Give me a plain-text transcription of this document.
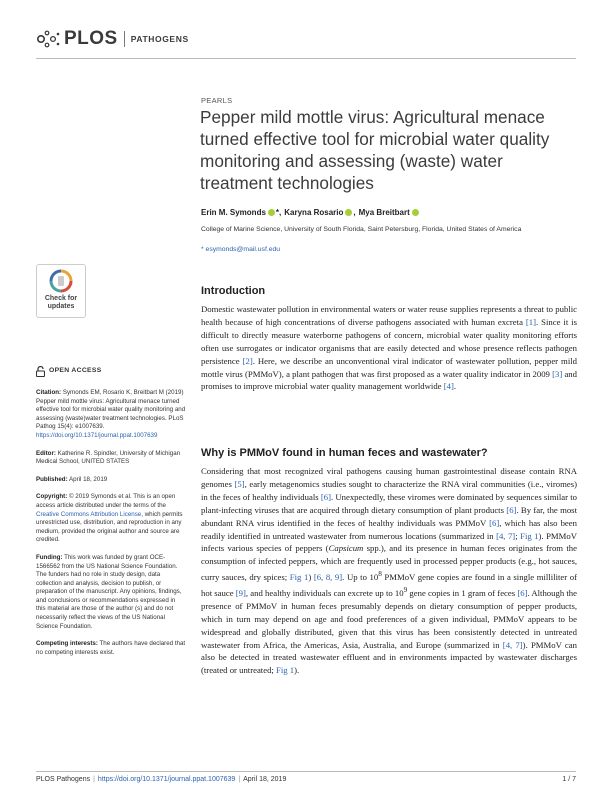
PLOS PATHOGENS
PEARLS
Pepper mild mottle virus: Agricultural menace turned effective tool for microbial water quality monitoring and assessing (waste) water treatment technologies
Erin M. Symonds * , Karyna Rosario , Mya Breitbart
College of Marine Science, University of South Florida, Saint Petersburg, Florida, United States of America
* esymonds@mail.usf.edu
Check for
updates
OPEN ACCESS
Citation: Symonds EM, Rosario K, Breitbart M (2019) Pepper mild mottle virus: Agricultural menace turned effective tool for microbial water quality monitoring and assessing (waste)water treatment technologies. PLoS Pathog 15(4): e1007639. https://doi.org/10.1371/journal.ppat.1007639
Editor: Katherine R. Spindler, University of Michigan Medical School, UNITED STATES
Published: April 18, 2019
Copyright: © 2019 Symonds et al. This is an open access article distributed under the terms of the Creative Commons Attribution License, which permits unrestricted use, distribution, and reproduction in any medium, provided the original author and source are credited.
Funding: This work was funded by grant OCE-1566562 from the US National Science Foundation. The funders had no role in study design, data collection and analysis, decision to publish, or preparation of the manuscript. Any opinions, findings, and conclusions or recommendations expressed in this material are those of the author (s) and do not necessarily reflect the views of the US National Science Foundation.
Competing interests: The authors have declared that no competing interests exist.
Introduction

Domestic wastewater pollution in environmental waters or water reuse supplies represents a threat to public health because of high concentrations of diverse pathogens associated with human excreta [1]. Since it is difficult to directly measure waterborne pathogens of concern, microbial water quality monitoring efforts often use surrogates or indicator organisms that are easily detected and whose presence reflects pathogen persistence [2]. Here, we describe an unconventional viral indicator of wastewater pollution, pepper mild mottle virus (PMMoV), a plant pathogen that was first proposed as a water quality indicator in 2009 [3] and promises to improve microbial water quality management worldwide [4].

Why is PMMoV found in human feces and wastewater?

Considering that most recognized viral pathogens causing human gastrointestinal disease contain RNA genomes [5], early metagenomics studies sought to characterize the RNA viral communities (i.e., viromes) in the feces of healthy individuals [6]. Unexpectedly, these viromes were dominated by sequences similar to plant-infecting viruses that are acquired through dietary consumption of plant products [6]. By far, the most abundant RNA virus identified in the feces of healthy individuals was PMMoV [6], which has also been readily identified in untreated wastewater from numerous locations (summarized in [4, 7]; Fig 1). PMMoV infects various species of peppers (Capsicum spp.), and its presence in human feces originates from the consumption of infected peppers, which are frequently used in processed pepper products (e.g., hot sauces, curry sauces, dry spices; Fig 1) [6, 8, 9]. Up to $10^8$ PMMoV gene copies are found in a single milliliter of hot sauce [9], and healthy individuals can excrete up to $10^9$ gene copies in 1 gram of feces [6]. Although the presence of PMMoV in human feces presumably depends on dietary consumption of pepper products, which in turn may depend on age and food preferences of a given individual, PMMoV appears to be widespread and globally distributed, given that this virus has been consistently detected in untreated wastewater from Africa, the Americas, Asia, Australia, and Europe (summarized in [4, 7]). PMMoV can also be detected in treated wastewater effluent and in environments impacted by wastewater discharges (treated or untreated; Fig 1).

PLOS Pathogens | https://doi.org/10.1371/journal.ppat.1007639 | April 18, 2019	1 / 7
